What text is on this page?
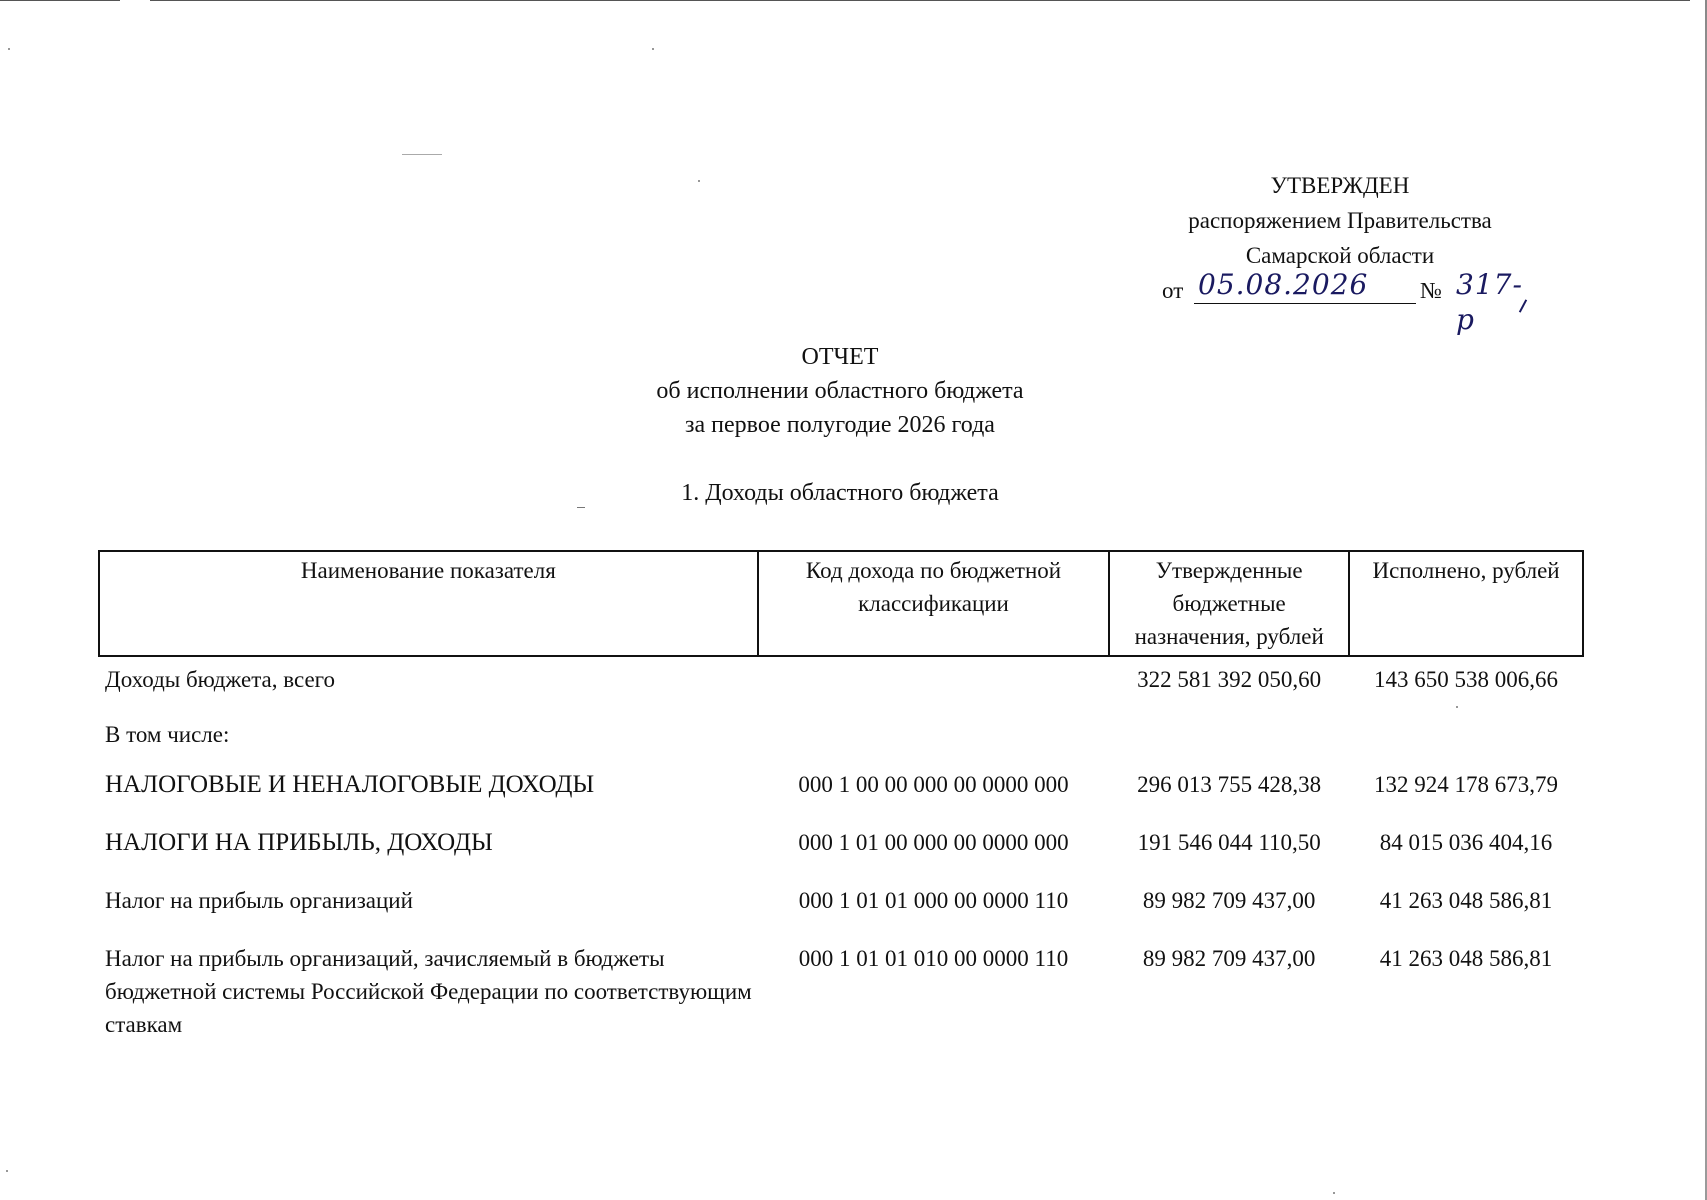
УТВЕРЖДЕН
распоряжением Правительства
Самарской области
от 05.08.2026 № 317-р
ОТЧЕТ
об исполнении областного бюджета
за первое полугодие 2026 года
1. Доходы областного бюджета
Наименование показателя	Код дохода по бюджетной классификации	Утвержденные бюджетные назначения, рублей	Исполнено, рублей
Доходы бюджета, всего		322 581 392 050,60	143 650 538 006,66
В том числе:			
НАЛОГОВЫЕ И НЕНАЛОГОВЫЕ ДОХОДЫ	000 1 00 00 000 00 0000 000	296 013 755 428,38	132 924 178 673,79
НАЛОГИ НА ПРИБЫЛЬ, ДОХОДЫ	000 1 01 00 000 00 0000 000	191 546 044 110,50	84 015 036 404,16
Налог на прибыль организаций	000 1 01 01 000 00 0000 110	89 982 709 437,00	41 263 048 586,81
Налог на прибыль организаций, зачисляемый в бюджеты бюджетной системы Российской Федерации по соответствующим ставкам	000 1 01 01 010 00 0000 110	89 982 709 437,00	41 263 048 586,81
